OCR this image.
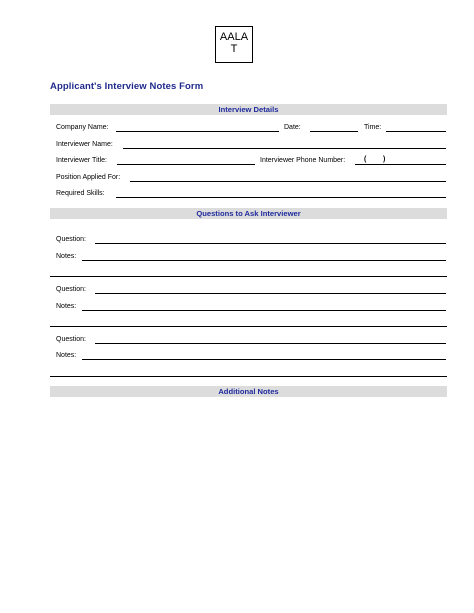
AALA
T
Applicant's Interview Notes Form
Interview Details
Company Name:	Date:	Time:
Interviewer Name:
Interviewer Title:	Interviewer Phone Number:	( )
Position Applied For:
Required Skills:
Questions to Ask Interviewer
Question:
Notes:
Question:
Notes:
Question:
Notes:
Additional Notes
